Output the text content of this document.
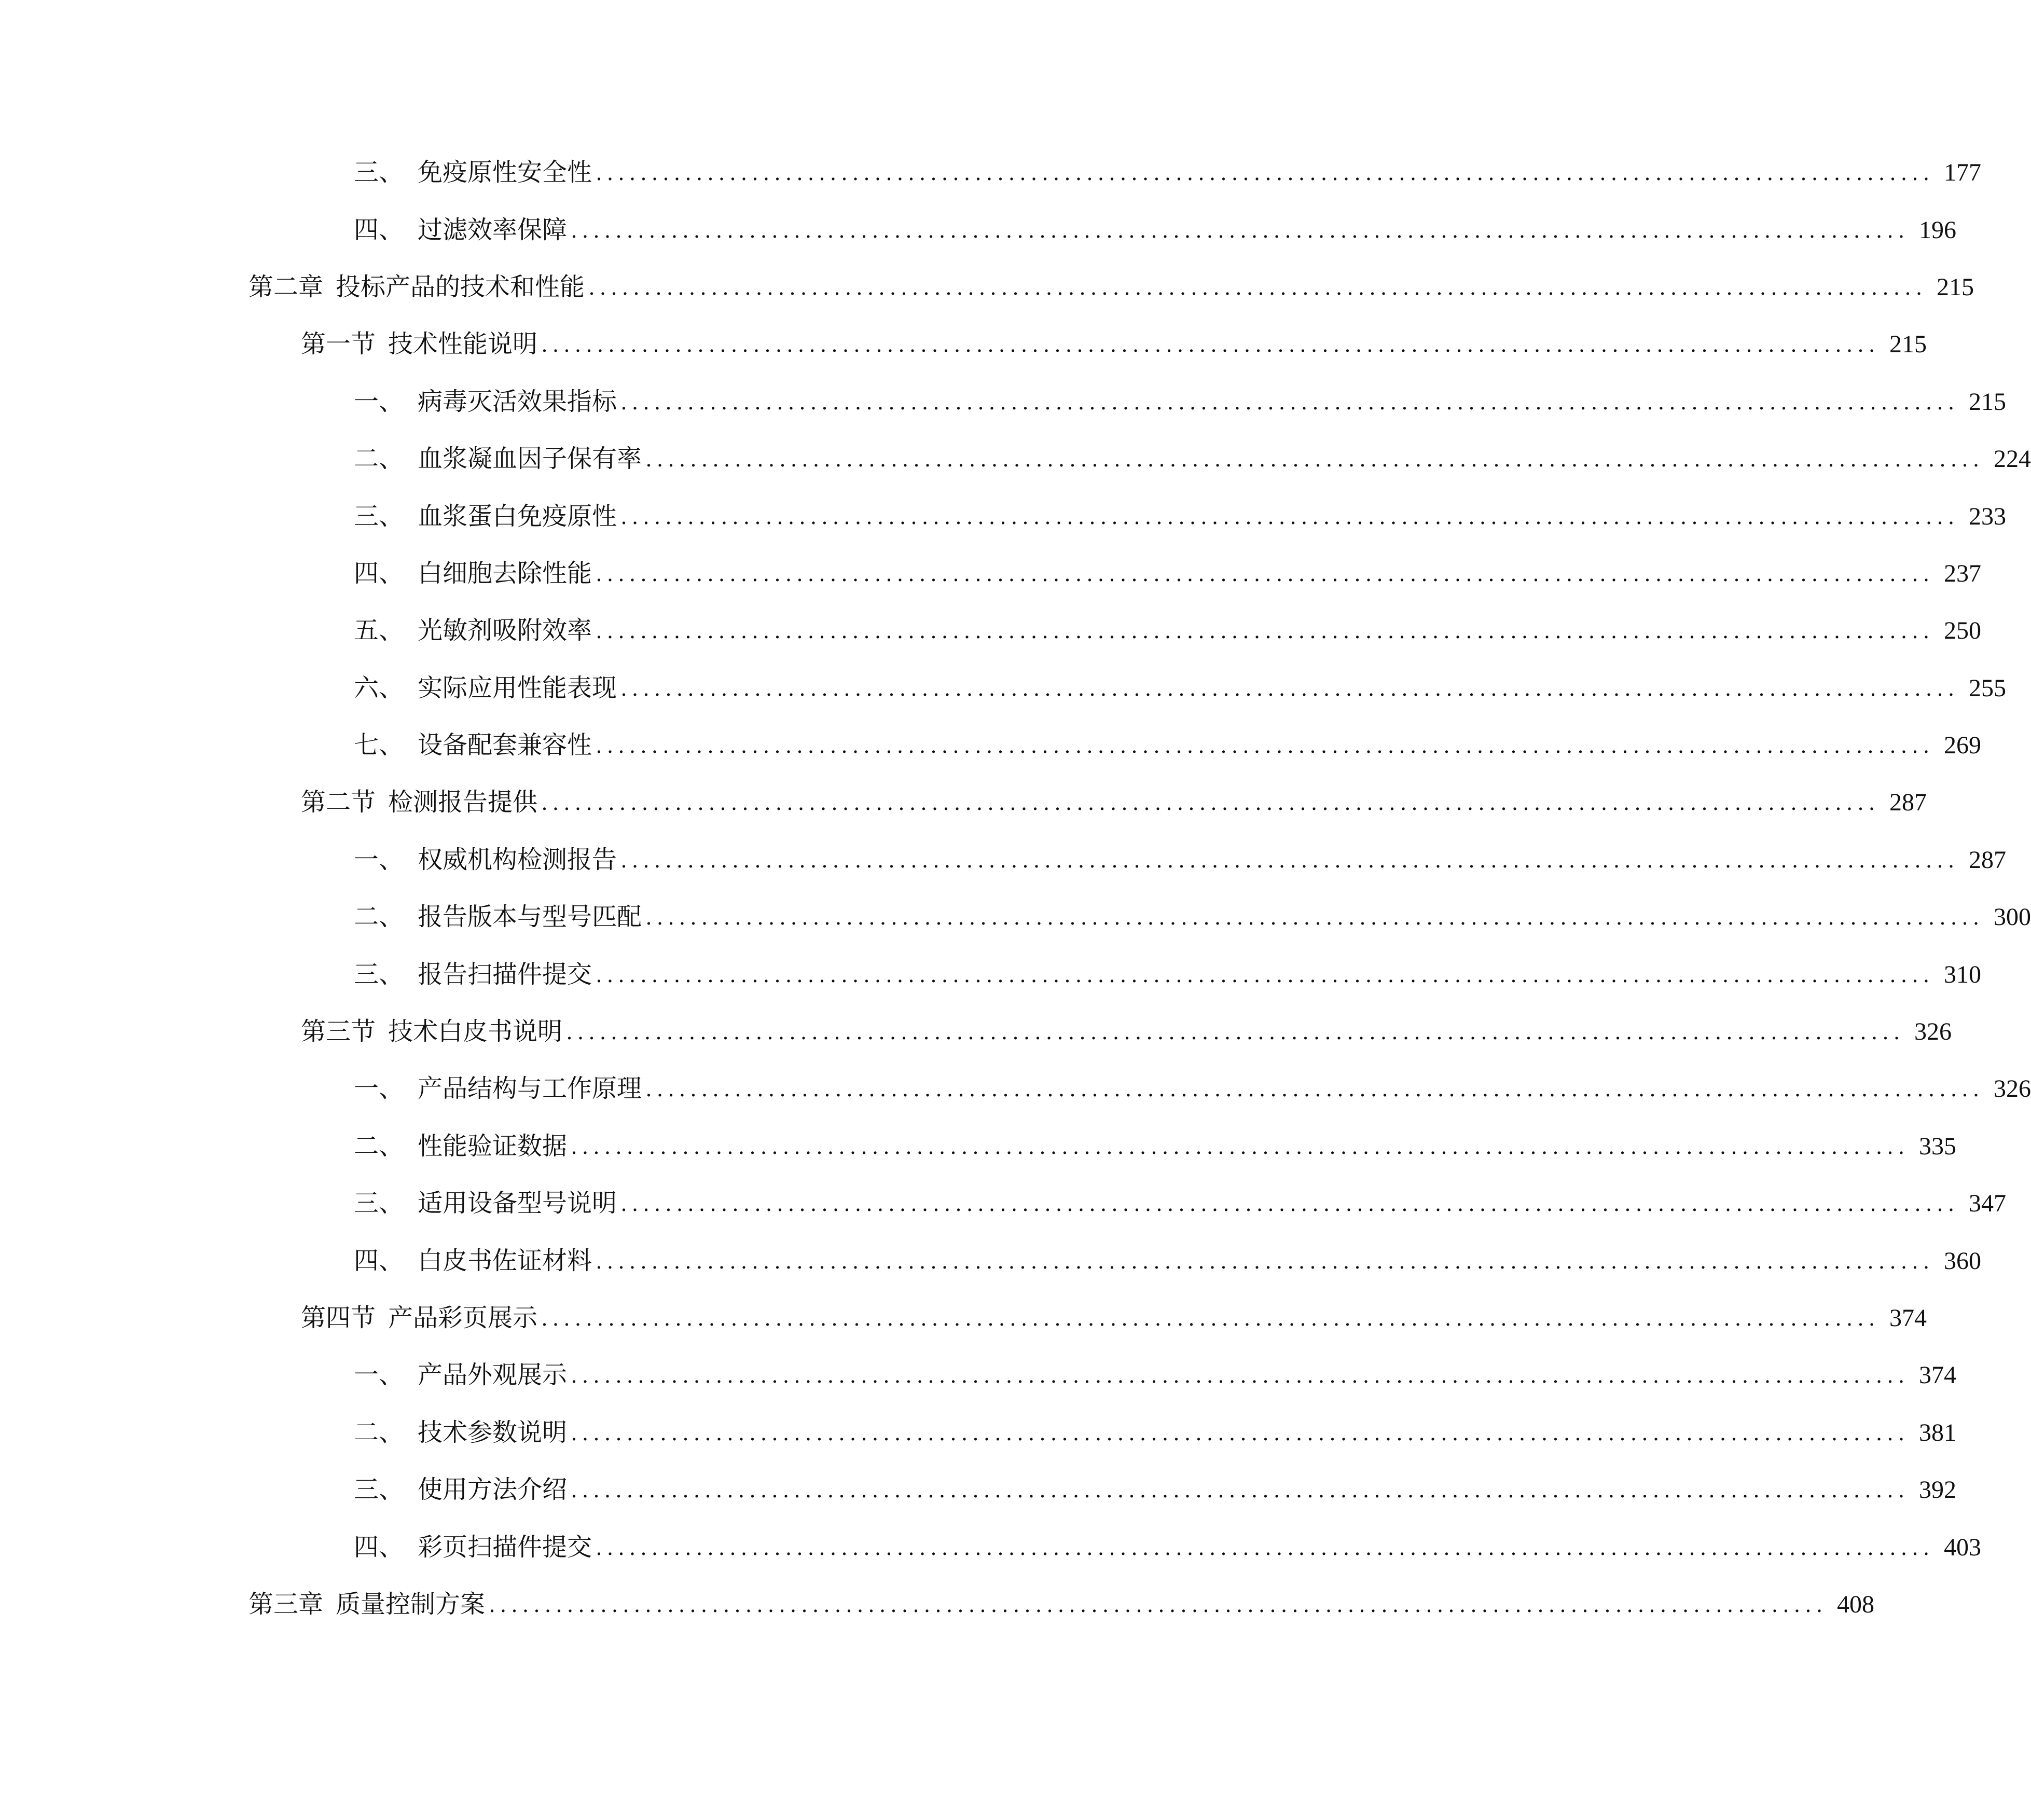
三、 免疫原性安全性 ........................................................................................................................ 177
四、 过滤效率保障 ........................................................................................................................ 196
第二章 投标产品的技术和性能 ........................................................................................................................ 215
第一节 技术性能说明 ........................................................................................................................ 215
一、 病毒灭活效果指标 ........................................................................................................................ 215
二、 血浆凝血因子保有率 ........................................................................................................................ 224
三、 血浆蛋白免疫原性 ........................................................................................................................ 233
四、 白细胞去除性能 ........................................................................................................................ 237
五、 光敏剂吸附效率 ........................................................................................................................ 250
六、 实际应用性能表现 ........................................................................................................................ 255
七、 设备配套兼容性 ........................................................................................................................ 269
第二节 检测报告提供 ........................................................................................................................ 287
一、 权威机构检测报告 ........................................................................................................................ 287
二、 报告版本与型号匹配 ........................................................................................................................ 300
三、 报告扫描件提交 ........................................................................................................................ 310
第三节 技术白皮书说明 ........................................................................................................................ 326
一、 产品结构与工作原理 ........................................................................................................................ 326
二、 性能验证数据 ........................................................................................................................ 335
三、 适用设备型号说明 ........................................................................................................................ 347
四、 白皮书佐证材料 ........................................................................................................................ 360
第四节 产品彩页展示 ........................................................................................................................ 374
一、 产品外观展示 ........................................................................................................................ 374
二、 技术参数说明 ........................................................................................................................ 381
三、 使用方法介绍 ........................................................................................................................ 392
四、 彩页扫描件提交 ........................................................................................................................ 403
第三章 质量控制方案 ........................................................................................................................ 408
